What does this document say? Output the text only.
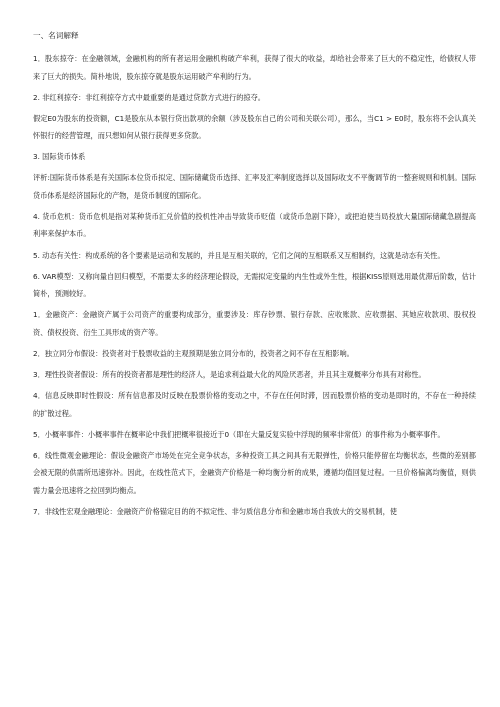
一、名词解释
1．股东掠夺：在金融领域，金融机构的所有者运用金融机构破产牟利，获得了很大的收益，却给社会带来了巨大的不稳定性，给债权人带来了巨大的损失。简朴地说，股东掠夺就是股东运用破产牟利的行为。
2. 非红利掠夺：非红利掠夺方式中最重要的是通过贷款方式进行的掠夺。
假定E0为股东的投资额，C1是股东从本银行贷出款项的余额（涉及股东自己的公司和关联公司），那么，当C1 > E0时，股东将不会认真关怀银行的经营管理，而只想如何从银行获得更多贷款。
3. 国际货币体系
评析:国际货币体系是有关国际本位货币拟定、国际储藏货币选择、汇率及汇率制度选择以及国际收支不平衡调节的一整套规则和机制。国际货币体系是经济国际化的产物，是货币制度的国际化。
4. 货币危机：货币危机是指对某种货币汇兑价值的投机性冲击导致货币贬值（或货币急剧下降），或把迫使当局投放大量国际储藏急剧提高利率来保护本币。
5. 动态有关性：构成系统的各个要素是运动和发展的，并且是互相关联的，它们之间的互相联系又互相制约，这就是动态有关性。
6. VAR模型：又称向量自回归模型，不需要太多的经济理论假设，无需拟定变量的内生性或外生性，根据KISS原则选用最优滞后阶数，估计简朴，预测较好。
1．金融资产：金融资产属于公司资产的重要构成部分，重要涉及：库存钞票、银行存款、应收账款、应收票据、其她应收款项、股权投资、债权投资、衍生工具形成的资产等。
2．独立同分布假设：投资者对于股票收益的主观预期是独立同分布的，投资者之间不存在互相影响。
3．理性投资者假设：所有的投资者都是理性的经济人，是追求利益最大化的风险厌恶者，并且其主观概率分布具有对称性。
4．信息反映即时性假设：所有信息都及时反映在股票价格的变动之中，不存在任何时滞，因而股票价格的变动是即时的，不存在一种持续的扩散过程。
5．小概率事件：小概率事件在概率论中我们把概率很接近于0（即在大量反复实验中浮现的频率非常低）的事件称为小概率事件。
6．线性微观金融理论：假设金融资产市场处在完全竞争状态，多种投资工具之间具有无限弹性，价格只能停留在均衡状态，些微的差别都会被无限的供需所迅速弥补。因此，在线性范式下，金融资产价格是一种均衡分析的成果，遵循均值回复过程。一旦价格偏离均衡值，则供需力量会迅速将之拉回到均衡点。
7．非线性宏观金融理论：金融资产价格锚定目的的不拟定性、非匀质信息分布和金融市场自我放大的交易机制，使
